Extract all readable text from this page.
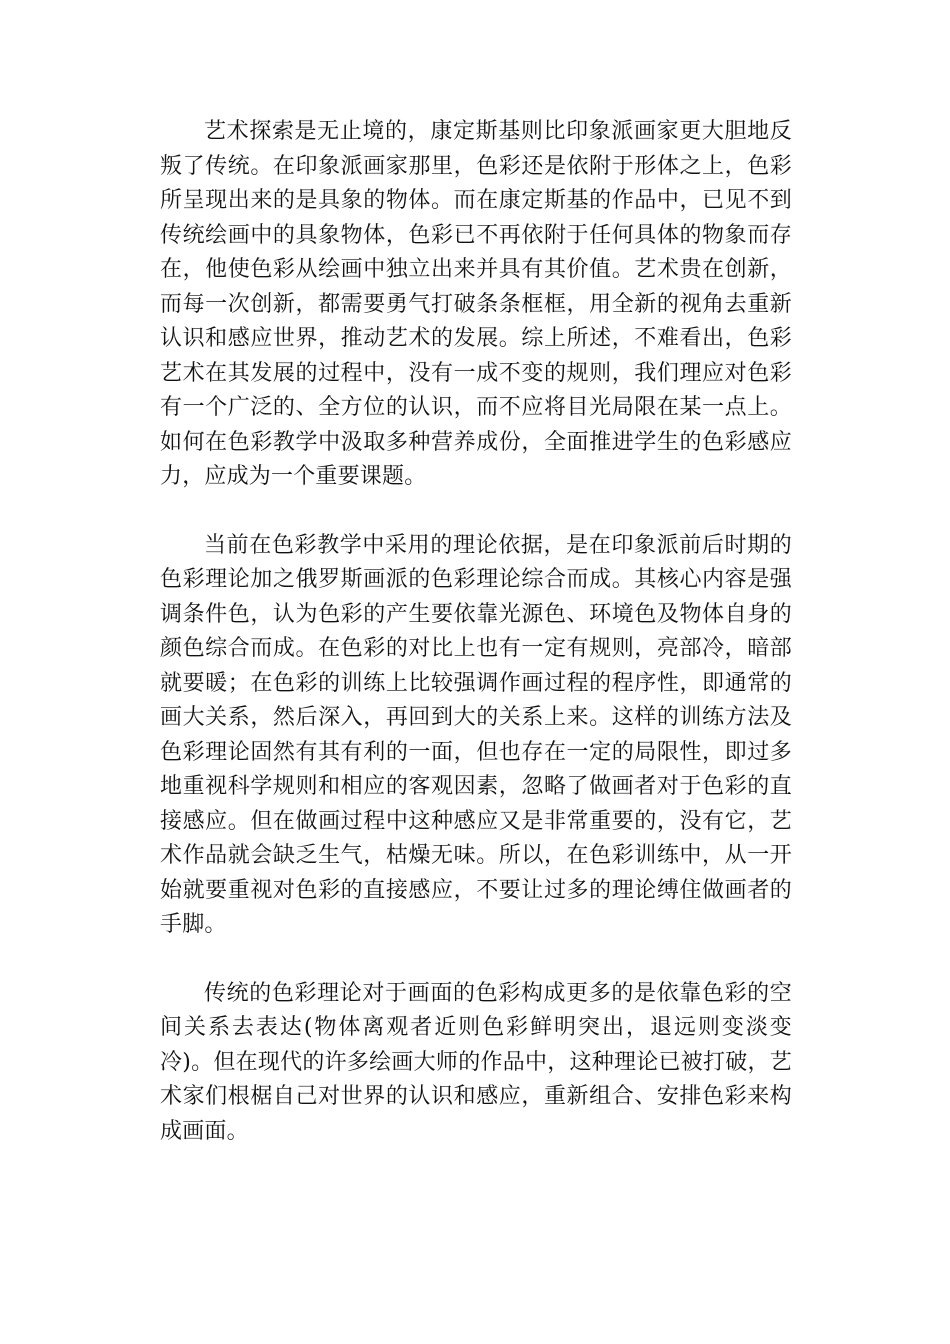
艺术探索是无止境的，康定斯基则比印象派画家更大胆地反叛了传统。在印象派画家那里，色彩还是依附于形体之上，色彩所呈现出来的是具象的物体。而在康定斯基的作品中，已见不到传统绘画中的具象物体，色彩已不再依附于任何具体的物象而存在，他使色彩从绘画中独立出来并具有其价值。艺术贵在创新，而每一次创新，都需要勇气打破条条框框，用全新的视角去重新认识和感应世界，推动艺术的发展。综上所述，不难看出，色彩艺术在其发展的过程中，没有一成不变的规则，我们理应对色彩有一个广泛的、全方位的认识，而不应将目光局限在某一点上。如何在色彩教学中汲取多种营养成份，全面推进学生的色彩感应力，应成为一个重要课题。

当前在色彩教学中采用的理论依据，是在印象派前后时期的色彩理论加之俄罗斯画派的色彩理论综合而成。其核心内容是强调条件色，认为色彩的产生要依靠光源色、环境色及物体自身的颜色综合而成。在色彩的对比上也有一定有规则，亮部冷，暗部就要暖；在色彩的训练上比较强调作画过程的程序性，即通常的画大关系，然后深入，再回到大的关系上来。这样的训练方法及色彩理论固然有其有利的一面，但也存在一定的局限性，即过多地重视科学规则和相应的客观因素，忽略了做画者对于色彩的直接感应。但在做画过程中这种感应又是非常重要的，没有它，艺术作品就会缺乏生气，枯燥无味。所以，在色彩训练中，从一开始就要重视对色彩的直接感应，不要让过多的理论缚住做画者的手脚。

传统的色彩理论对于画面的色彩构成更多的是依靠色彩的空间关系去表达(物体离观者近则色彩鲜明突出，退远则变淡变冷)。但在现代的许多绘画大师的作品中，这种理论已被打破，艺术家们根椐自己对世界的认识和感应，重新组合、安排色彩来构成画面。
